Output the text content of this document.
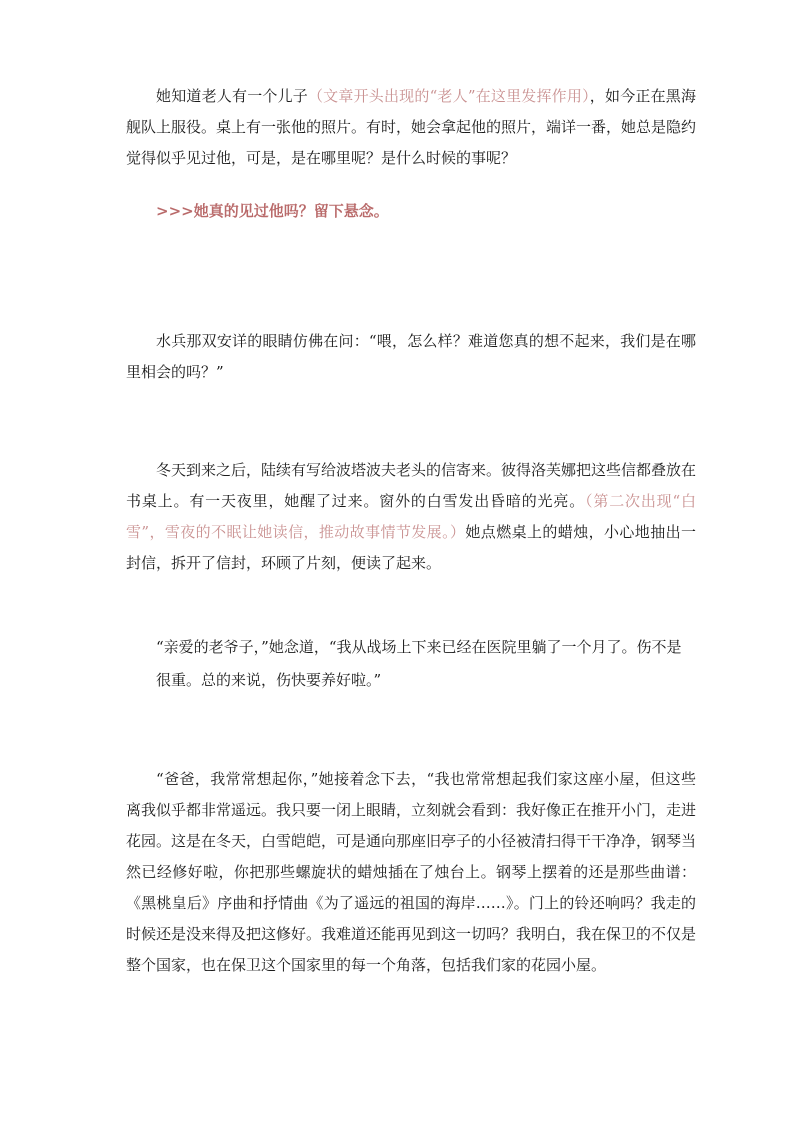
她知道老人有一个儿子（文章开头出现的“老人”在这里发挥作用），如今正在黑海舰队上服役。桌上有一张他的照片。有时，她会拿起他的照片，端详一番，她总是隐约觉得似乎见过他，可是，是在哪里呢？是什么时候的事呢？

>>>她真的见过他吗？留下悬念。

水兵那双安详的眼睛仿佛在问：“喂，怎么样？难道您真的想不起来，我们是在哪里相会的吗？”

冬天到来之后，陆续有写给波塔波夫老头的信寄来。彼得洛芙娜把这些信都叠放在书桌上。有一天夜里，她醒了过来。窗外的白雪发出昏暗的光亮。（第二次出现“白雪”，雪夜的不眠让她读信，推动故事情节发展。）她点燃桌上的蜡烛，小心地抽出一封信，拆开了信封，环顾了片刻，便读了起来。

“亲爱的老爷子，”她念道，“我从战场上下来已经在医院里躺了一个月了。伤不是

很重。总的来说，伤快要养好啦。”

“爸爸，我常常想起你，”她接着念下去，“我也常常想起我们家这座小屋，但这些离我似乎都非常遥远。我只要一闭上眼睛，立刻就会看到：我好像正在推开小门，走进花园。这是在冬天，白雪皑皑，可是通向那座旧亭子的小径被清扫得干干净净，钢琴当然已经修好啦，你把那些螺旋状的蜡烛插在了烛台上。钢琴上摆着的还是那些曲谱：《黑桃皇后》序曲和抒情曲《为了遥远的祖国的海岸……》。门上的铃还响吗？我走的时候还是没来得及把这修好。我难道还能再见到这一切吗？我明白，我在保卫的不仅是整个国家，也在保卫这个国家里的每一个角落，包括我们家的花园小屋。
